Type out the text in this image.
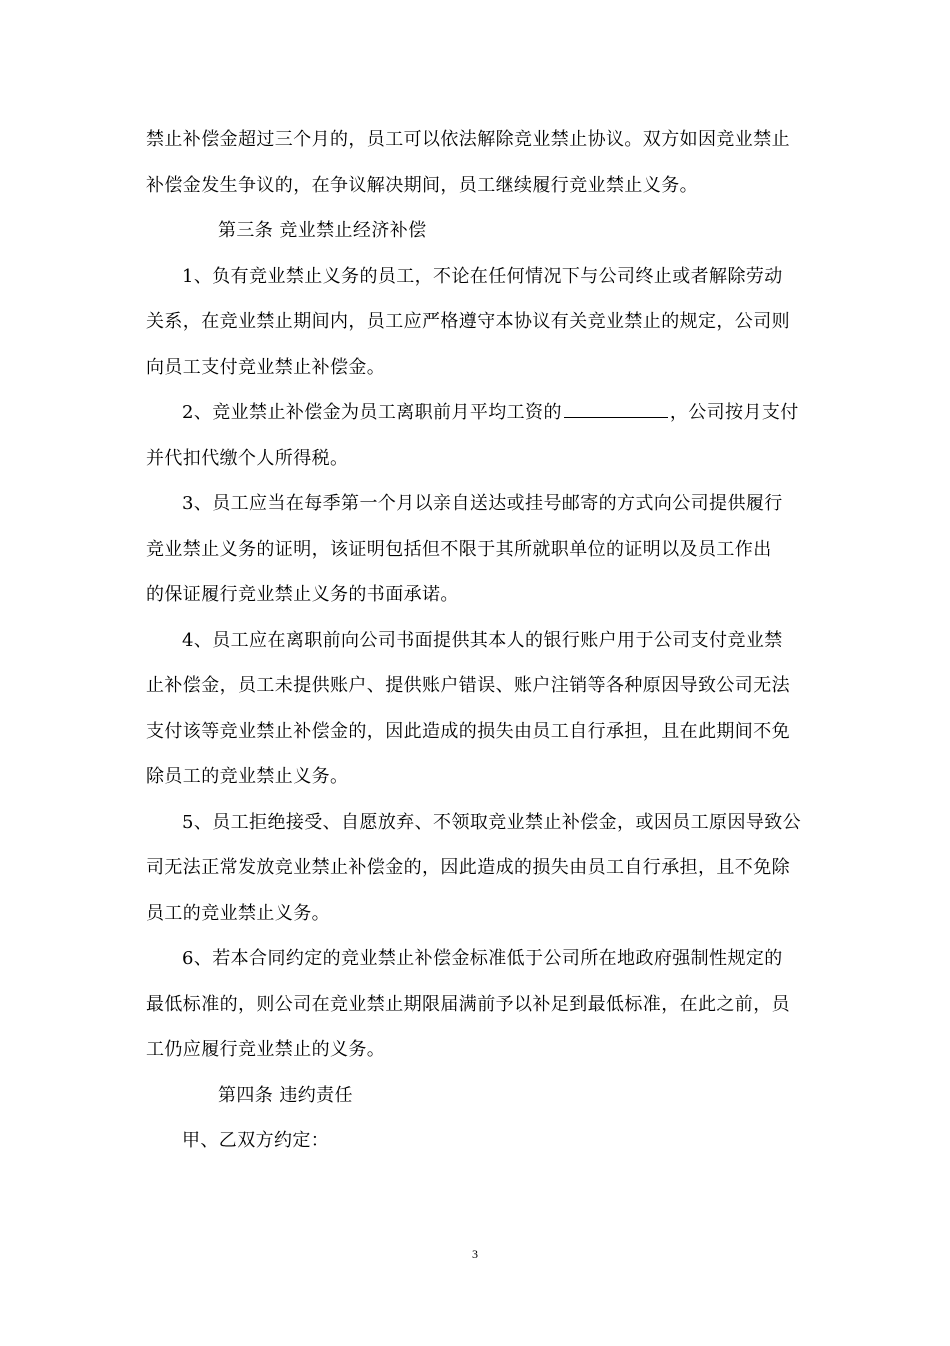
禁止补偿金超过三个月的，员工可以依法解除竞业禁止协议。双方如因竞业禁止
补偿金发生争议的，在争议解决期间，员工继续履行竞业禁止义务。
第三条 竞业禁止经济补偿
1、负有竞业禁止义务的员工，不论在任何情况下与公司终止或者解除劳动
关系，在竞业禁止期间内，员工应严格遵守本协议有关竞业禁止的规定，公司则
向员工支付竞业禁止补偿金。
2、竞业禁止补偿金为员工离职前月平均工资的	，公司按月支付
并代扣代缴个人所得税。
3、员工应当在每季第一个月以亲自送达或挂号邮寄的方式向公司提供履行
竞业禁止义务的证明，该证明包括但不限于其所就职单位的证明以及员工作出
的保证履行竞业禁止义务的书面承诺。
4、员工应在离职前向公司书面提供其本人的银行账户用于公司支付竞业禁
止补偿金，员工未提供账户、提供账户错误、账户注销等各种原因导致公司无法
支付该等竞业禁止补偿金的，因此造成的损失由员工自行承担，且在此期间不免
除员工的竞业禁止义务。
5、员工拒绝接受、自愿放弃、不领取竞业禁止补偿金，或因员工原因导致公
司无法正常发放竞业禁止补偿金的，因此造成的损失由员工自行承担，且不免除
员工的竞业禁止义务。
6、若本合同约定的竞业禁止补偿金标准低于公司所在地政府强制性规定的
最低标准的，则公司在竞业禁止期限届满前予以补足到最低标准，在此之前，员
工仍应履行竞业禁止的义务。
第四条 违约责任
甲、乙双方约定：
3
